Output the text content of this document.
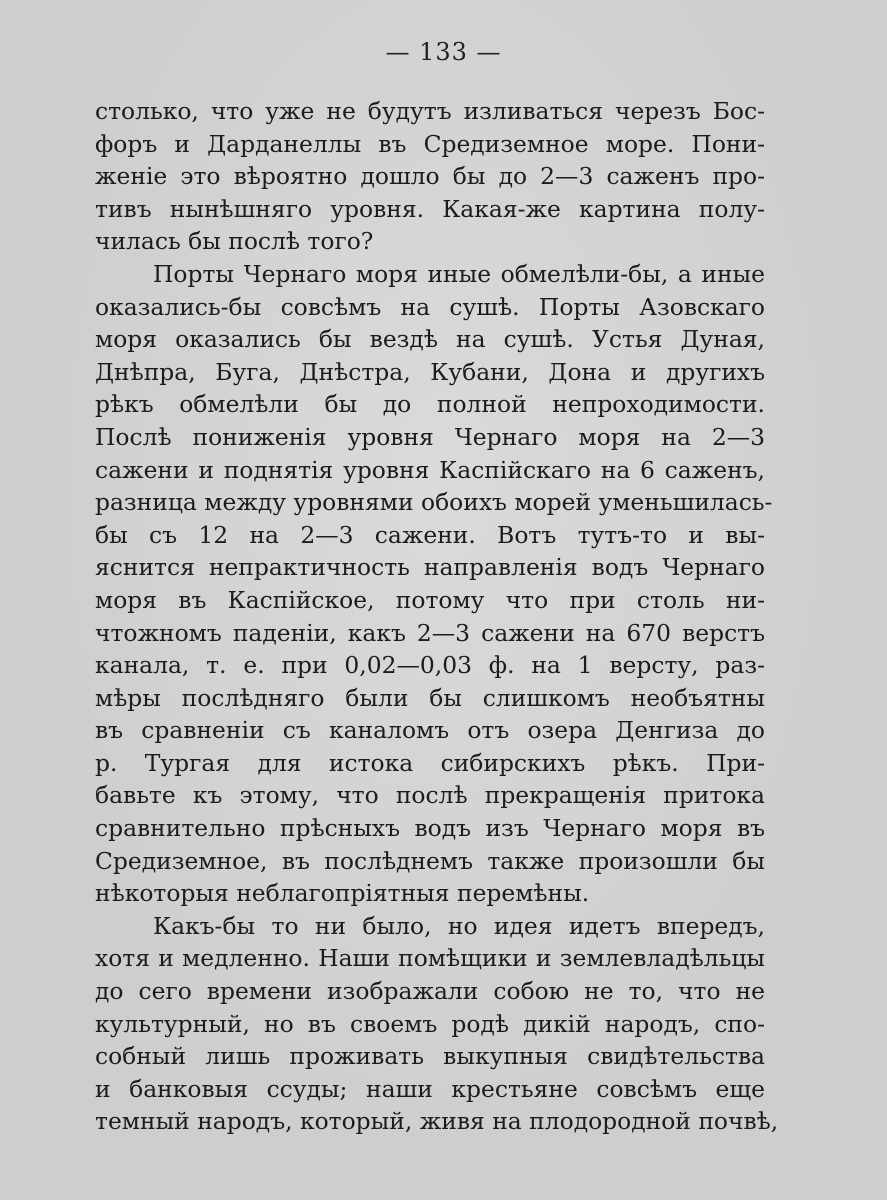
— 133 —
столько, что уже не будутъ изливаться черезъ Бос-
форъ и Дарданеллы въ Средиземное море. Пони-
женіе это вѣроятно дошло бы до 2—3 саженъ про-
тивъ нынѣшняго уровня. Какая-же картина полу-
чилась бы послѣ того?
Порты Чернаго моря иные обмелѣли-бы, а иные
оказались-бы совсѣмъ на сушѣ. Порты Азовскаго
моря оказались бы вездѣ на сушѣ. Устья Дуная,
Днѣпра, Буга, Днѣстра, Кубани, Дона и другихъ
рѣкъ обмелѣли бы до полной непроходимости.
Послѣ пониженія уровня Чернаго моря на 2—3
сажени и поднятія уровня Каспійскаго на 6 саженъ,
разница между уровнями обоихъ морей уменьшилась-
бы съ 12 на 2—3 сажени. Вотъ тутъ-то и вы-
яснится непрактичность направленія водъ Чернаго
моря въ Каспійское, потому что при столь ни-
чтожномъ паденіи, какъ 2—3 сажени на 670 верстъ
канала, т. е. при 0,02—0,03 ф. на 1 версту, раз-
мѣры послѣдняго были бы слишкомъ необъятны
въ сравненіи съ каналомъ отъ озера Денгиза до
р. Тургая для истока сибирскихъ рѣкъ. При-
бавьте къ этому, что послѣ прекращенія притока
сравнительно прѣсныхъ водъ изъ Чернаго моря въ
Средиземное, въ послѣднемъ также произошли бы
нѣкоторыя неблагопріятныя перемѣны.
Какъ-бы то ни было, но идея идетъ впередъ,
хотя и медленно. Наши помѣщики и землевладѣльцы
до сего времени изображали собою не то, что не
культурный, но въ своемъ родѣ дикій народъ, спо-
собный лишь проживать выкупныя свидѣтельства
и банковыя ссуды; наши крестьяне совсѣмъ еще
темный народъ, который, живя на плодородной почвѣ,
